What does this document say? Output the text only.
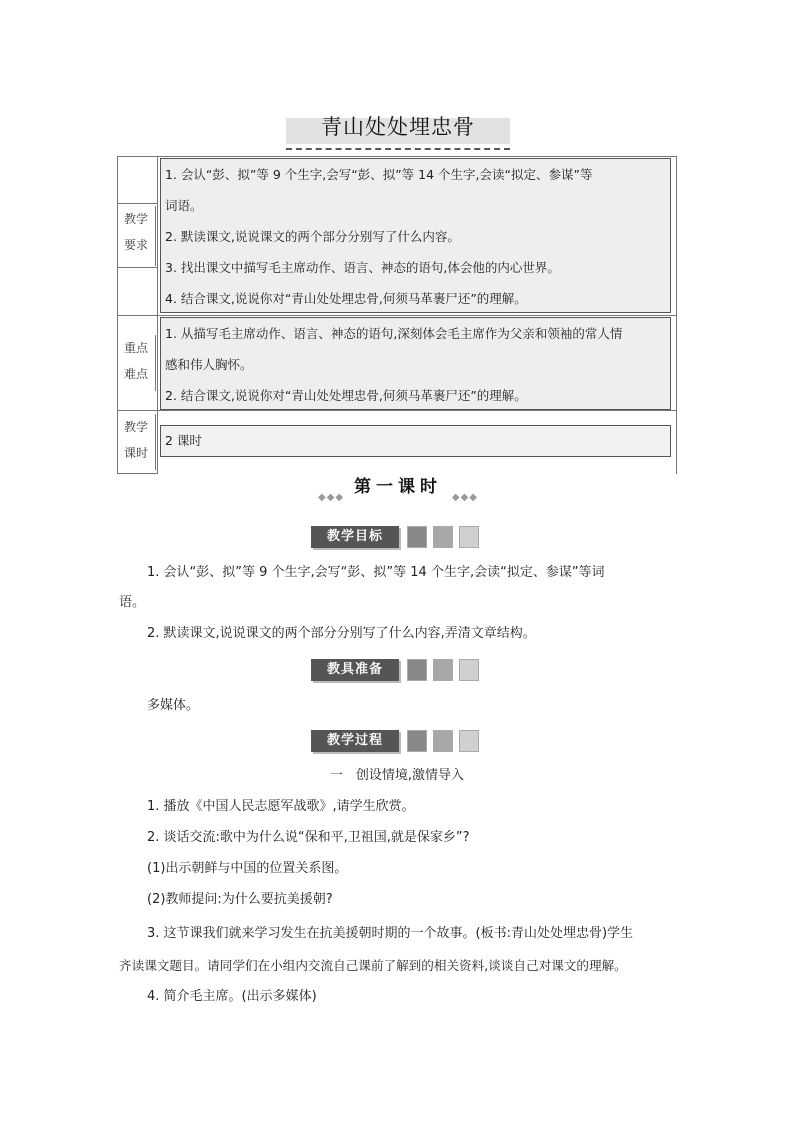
青山处处埋忠骨
教学
要求

1. 会认“彭、拟”等 9 个生字,会写“彭、拟”等 14 个生字,会读“拟定、参谋”等

词语。

2. 默读课文,说说课文的两个部分分别写了什么内容。

3. 找出课文中描写毛主席动作、语言、神态的语句,体会他的内心世界。

4. 结合课文,说说你对“青山处处埋忠骨,何须马革裹尸还”的理解。

重点
难点

1. 从描写毛主席动作、语言、神态的语句,深刻体会毛主席作为父亲和领袖的常人情

感和伟人胸怀。

2. 结合课文,说说你对“青山处处埋忠骨,何须马革裹尸还”的理解。

教学
课时

2 课时

◆◆◆
第一课时
◆◆◆
教学目标

1. 会认“彭、拟”等 9 个生字,会写“彭、拟”等 14 个生字,会读“拟定、参谋”等词

语。

2. 默读课文,说说课文的两个部分分别写了什么内容,弄清文章结构。

教具准备

多媒体。

教学过程

一　创设情境,激情导入

1. 播放《中国人民志愿军战歌》,请学生欣赏。

2. 谈话交流:歌中为什么说“保和平,卫祖国,就是保家乡”?

(1)出示朝鲜与中国的位置关系图。

(2)教师提问:为什么要抗美援朝?

3. 这节课我们就来学习发生在抗美援朝时期的一个故事。(板书:青山处处埋忠骨)学生

齐读课文题目。请同学们在小组内交流自己课前了解到的相关资料,谈谈自己对课文的理解。

4. 简介毛主席。(出示多媒体)
